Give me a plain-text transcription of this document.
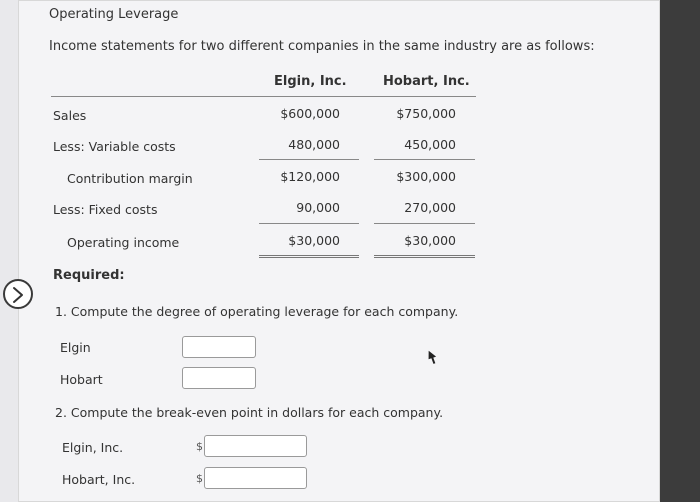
Operating Leverage
Income statements for two different companies in the same industry are as follows:
Elgin, Inc.	Hobart, Inc.
Sales	$600,000	$750,000
Less: Variable costs	480,000	450,000
Contribution margin	$120,000	$300,000
Less: Fixed costs	90,000	270,000
Operating income	$30,000	$30,000
Required:
1. Compute the degree of operating leverage for each company.
Elgin
Hobart
2. Compute the break-even point in dollars for each company.
Elgin, Inc.	$
Hobart, Inc.	$
